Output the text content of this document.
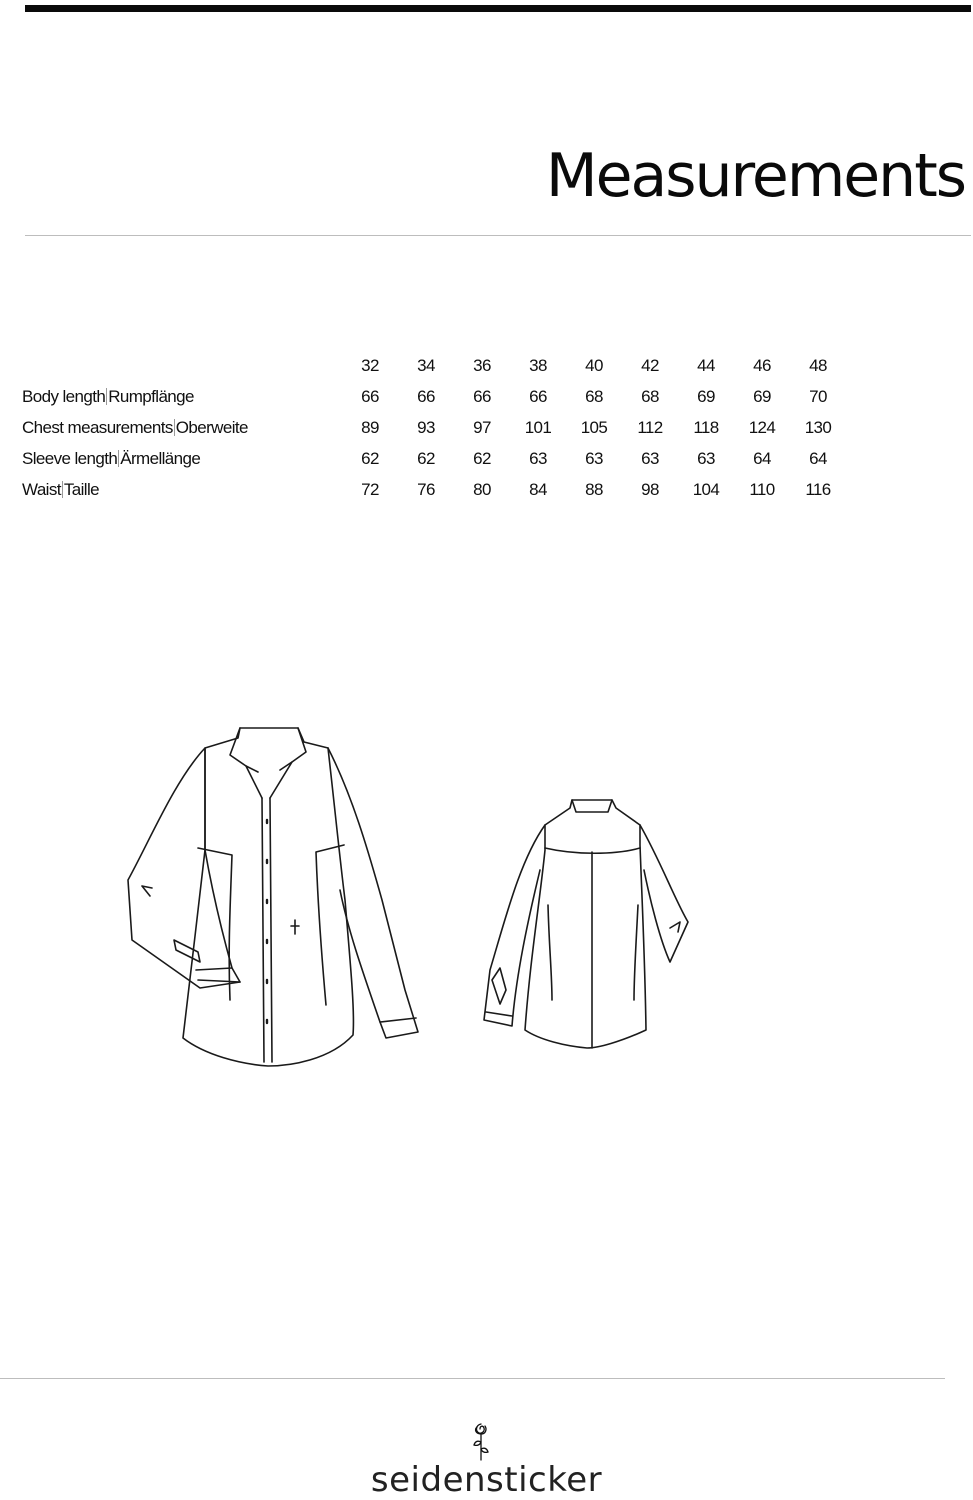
Measurements
	32	34	36	38	40	42	44	46	48
Body length Rumpflänge	66	66	66	66	68	68	69	69	70
Chest measurements Oberweite	89	93	97	101	105	112	118	124	130
Sleeve length Ärmellänge	62	62	62	63	63	63	63	64	64
Waist Taille	72	76	80	84	88	98	104	110	116
seidensticker
